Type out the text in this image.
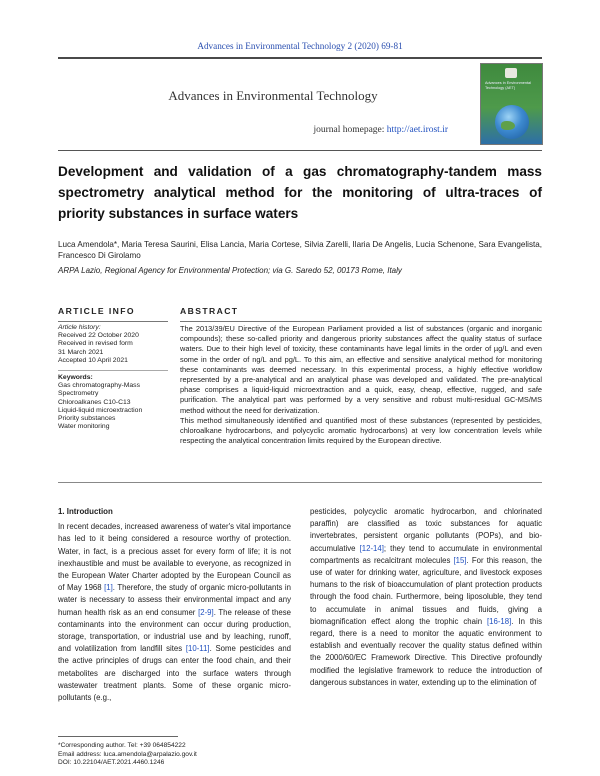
Advances in Environmental Technology 2 (2020) 69-81
Advances in Environmental Technology
journal homepage: http://aet.irost.ir
Advances in Environmental Technology (AET)
Development and validation of a gas chromatography-tandem mass spectrometry analytical method for the monitoring of ultra-traces of priority substances in surface waters
Luca Amendola*, Maria Teresa Saurini, Elisa Lancia, Maria Cortese, Silvia Zarelli, Ilaria De Angelis, Lucia Schenone, Sara Evangelista, Francesco Di Girolamo
ARPA Lazio, Regional Agency for Environmental Protection; via G. Saredo 52, 00173 Rome, Italy
ARTICLE INFO
Article history:
Received 22 October 2020
Received in revised form
31 March 2021
Accepted 10 April 2021
Keywords:
Gas chromatography-Mass
Spectrometry
Chloroalkanes C10-C13
Liquid-liquid microextraction
Priority substances
Water monitoring
ABSTRACT
The 2013/39/EU Directive of the European Parliament provided a list of substances (organic and inorganic compounds); these so-called priority and dangerous priority substances affect the quality status of surface waters. Due to their high level of toxicity, these contaminants have legal limits in the order of µg/L and even some in the order of ng/L and pg/L. To this aim, an effective and sensitive analytical method for monitoring these contaminants was deemed necessary. In this experimental process, a highly effective workflow represented by a pre-analytical and an analytical phase was developed and validated. The pre-analytical phase comprises a liquid-liquid microextraction and a quick, easy, cheap, effective, rugged, and safe purification. The analytical part was performed by a very sensitive and robust multi-residual GC-MS/MS method without the need for derivatization.
This method simultaneously identified and quantified most of these substances (represented by pesticides, chloroalkane hydrocarbons, and polycyclic aromatic hydrocarbons) at very low concentration levels while respecting the analytical concentration limits required by the European directive.
1. Introduction
In recent decades, increased awareness of water's vital importance has led to it being considered a resource worthy of protection. Water, in fact, is a precious asset for every form of life; it is not inexhaustible and must be available to everyone, as recognized in the European Water Charter adopted by the European Council as of May 1968 [1]. Therefore, the study of organic micro-pollutants in water is necessary to assess their environmental impact and any human health risk as an end consumer [2-9]. The release of these contaminants into the environment can occur during production, storage, transportation, or industrial use and by leaching, runoff, and volatilization from landfill sites [10-11]. Some pesticides and the active principles of drugs can enter the food chain, and their metabolites are discharged into the surface waters through wastewater treatment plants. Some of these organic micro-pollutants (e.g.,
pesticides, polycyclic aromatic hydrocarbon, and chlorinated paraffin) are classified as toxic substances for aquatic invertebrates, persistent organic pollutants (POPs), and bio-accumulative [12-14]; they tend to accumulate in environmental compartments as recalcitrant molecules [15]. For this reason, the use of water for drinking water, agriculture, and livestock exposes humans to the risk of bioaccumulation of plant protection products through the food chain. Furthermore, being liposoluble, they tend to accumulate in animal tissues and fluids, giving a biomagnification effect along the trophic chain [16-18]. In this regard, there is a need to monitor the aquatic environment to establish and eventually recover the quality status defined within the 2000/60/EC Framework Directive. This Directive profoundly modified the legislative framework to reduce the introduction of dangerous substances in water, extending up to the elimination of
*Corresponding author. Tel: +39 064854222
Email address: luca.amendola@arpalazio.gov.it
DOI: 10.22104/AET.2021.4460.1246
